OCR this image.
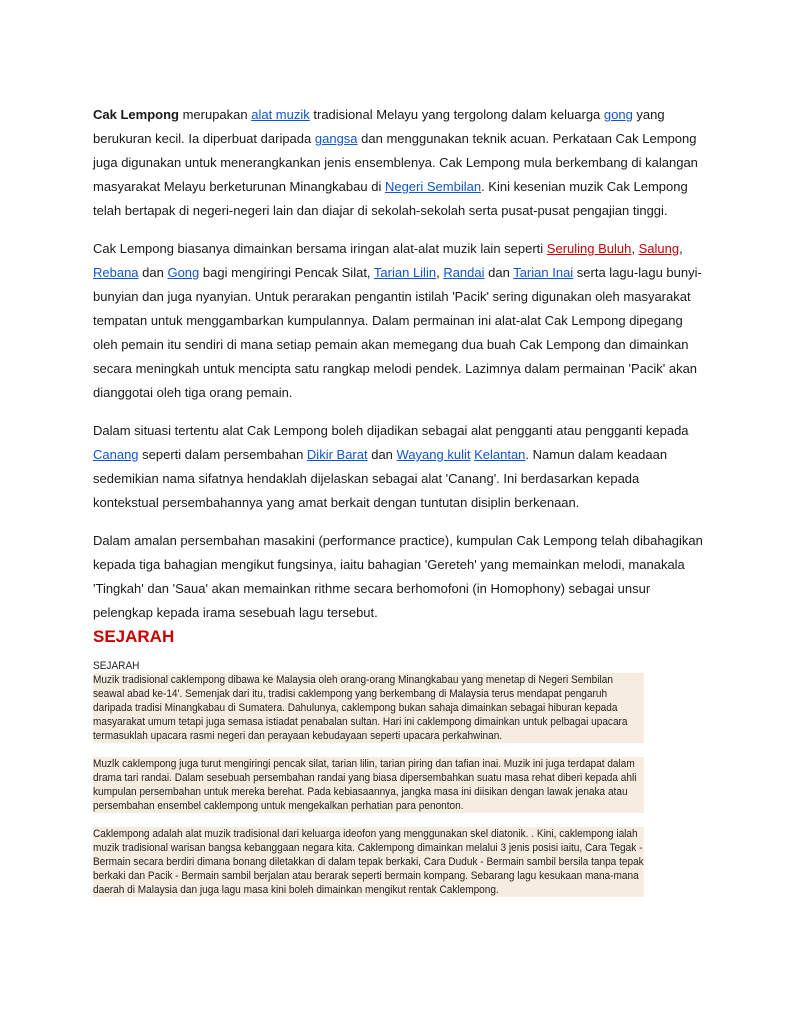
Cak Lempong merupakan alat muzik tradisional Melayu yang tergolong dalam keluarga gong yang berukuran kecil. Ia diperbuat daripada gangsa dan menggunakan teknik acuan. Perkataan Cak Lempong juga digunakan untuk menerangkankan jenis ensemblenya. Cak Lempong mula berkembang di kalangan masyarakat Melayu berketurunan Minangkabau di Negeri Sembilan. Kini kesenian muzik Cak Lempong telah bertapak di negeri-negeri lain dan diajar di sekolah-sekolah serta pusat-pusat pengajian tinggi.

Cak Lempong biasanya dimainkan bersama iringan alat-alat muzik lain seperti Seruling Buluh, Salung, Rebana dan Gong bagi mengiringi Pencak Silat, Tarian Lilin, Randai dan Tarian Inai serta lagu-lagu bunyi-bunyian dan juga nyanyian. Untuk perarakan pengantin istilah 'Pacik' sering digunakan oleh masyarakat tempatan untuk menggambarkan kumpulannya. Dalam permainan ini alat-alat Cak Lempong dipegang oleh pemain itu sendiri di mana setiap pemain akan memegang dua buah Cak Lempong dan dimainkan secara meningkah untuk mencipta satu rangkap melodi pendek. Lazimnya dalam permainan 'Pacik' akan dianggotai oleh tiga orang pemain.

Dalam situasi tertentu alat Cak Lempong boleh dijadikan sebagai alat pengganti atau pengganti kepada Canang seperti dalam persembahan Dikir Barat dan Wayang kulit Kelantan. Namun dalam keadaan sedemikian nama sifatnya hendaklah dijelaskan sebagai alat 'Canang'. Ini berdasarkan kepada kontekstual persembahannya yang amat berkait dengan tuntutan disiplin berkenaan.

Dalam amalan persembahan masakini (performance practice), kumpulan Cak Lempong telah dibahagikan kepada tiga bahagian mengikut fungsinya, iaitu bahagian 'Gereteh' yang memainkan melodi, manakala 'Tingkah' dan 'Saua' akan memainkan rithme secara berhomofoni (in Homophony) sebagai unsur pelengkap kepada irama sesebuah lagu tersebut.

SEJARAH
SEJARAH
Muzik tradisional caklempong dibawa ke Malaysia oleh orang-orang Minangkabau yang menetap di Negeri Sembilan seawal abad ke-14'. Semenjak dari itu, tradisi caklempong yang berkembang di Malaysia terus mendapat pengaruh daripada tradisi Minangkabau di Sumatera. Dahulunya, caklempong bukan sahaja dimainkan sebagai hiburan kepada masyarakat umum tetapi juga semasa istiadat penabalan sultan. Hari ini caklempong dimainkan untuk pelbagai upacara termasuklah upacara rasmi negeri dan perayaan kebudayaan seperti upacara perkahwinan.
Muzlk caklempong juga turut mengiringi pencak silat, tarian lilin, tarian piring dan tafian inai. Muzik ini juga terdapat dalam drama tari randai. Dalam sesebuah persembahan randai yang biasa dipersembahkan suatu masa rehat diberi kepada ahli kumpulan persembahan untuk mereka berehat. Pada kebiasaannya, jangka masa ini diisikan dengan lawak jenaka atau persembahan ensembel caklempong untuk mengekalkan perhatian para penonton.
Caklempong adalah alat muzik tradisional dari keluarga ideofon yang menggunakan skel diatonik. . Kini, caklempong ialah muzik tradisional warisan bangsa kebanggaan negara kita. Caklempong dimainkan melalui 3 jenis posisi iaitu, Cara Tegak - Bermain secara berdiri dimana bonang diletakkan di dalam tepak berkaki, Cara Duduk - Bermain sambil bersila tanpa tepak berkaki dan Pacik - Bermain sambil berjalan atau berarak seperti bermain kompang. Sebarang lagu kesukaan mana-mana daerah di Malaysia dan juga lagu masa kini boleh dimainkan mengikut rentak Caklempong.
